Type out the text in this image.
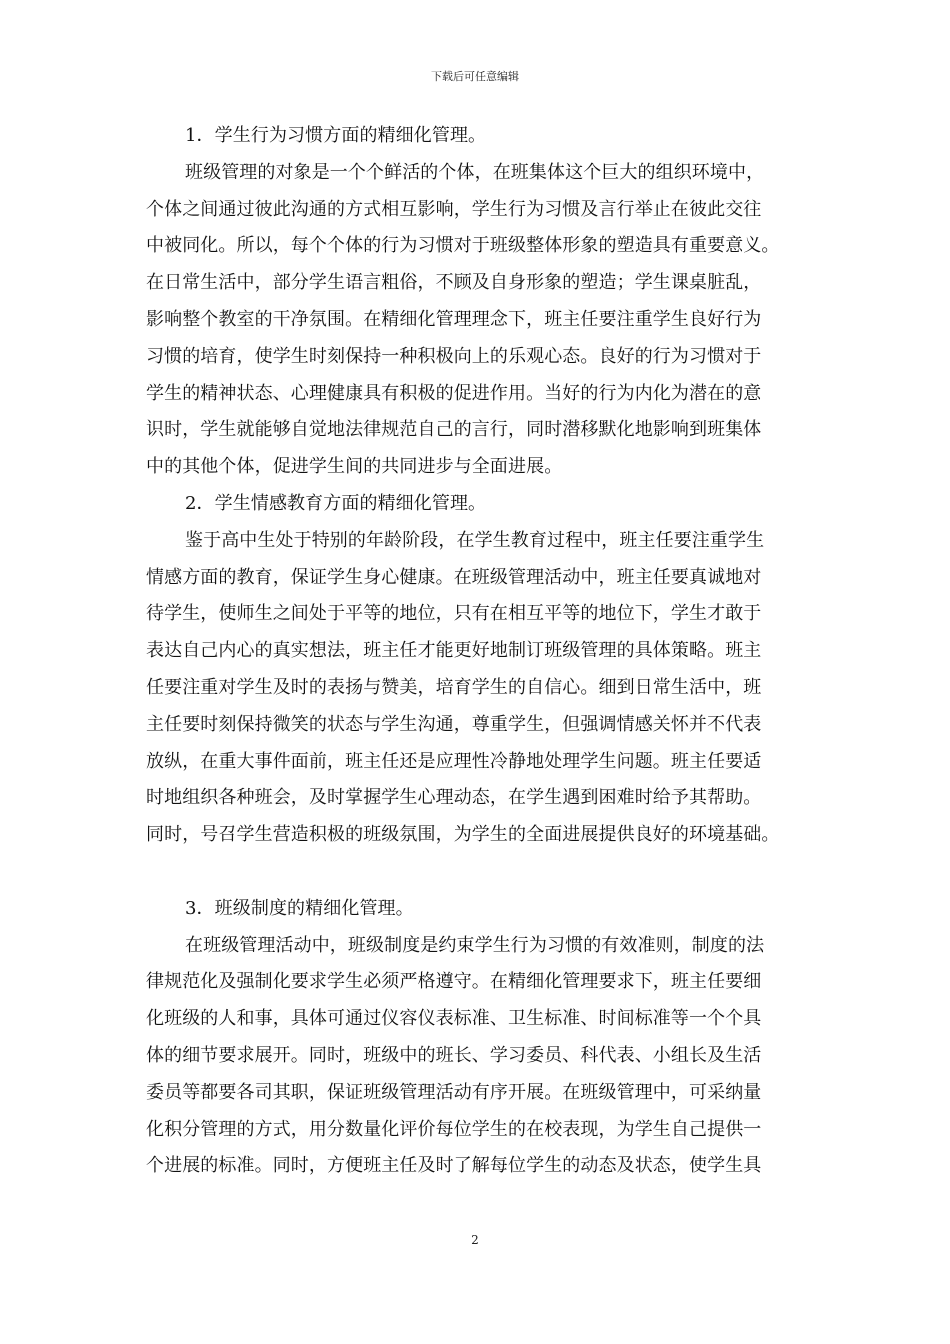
下载后可任意编辑
1．学生行为习惯方面的精细化管理。
班级管理的对象是一个个鲜活的个体，在班集体这个巨大的组织环境中，
个体之间通过彼此沟通的方式相互影响，学生行为习惯及言行举止在彼此交往
中被同化。所以，每个个体的行为习惯对于班级整体形象的塑造具有重要意义。
在日常生活中，部分学生语言粗俗，不顾及自身形象的塑造；学生课桌脏乱，
影响整个教室的干净氛围。在精细化管理理念下，班主任要注重学生良好行为
习惯的培育，使学生时刻保持一种积极向上的乐观心态。良好的行为习惯对于
学生的精神状态、心理健康具有积极的促进作用。当好的行为内化为潜在的意
识时，学生就能够自觉地法律规范自己的言行，同时潜移默化地影响到班集体
中的其他个体，促进学生间的共同进步与全面进展。
2．学生情感教育方面的精细化管理。
鉴于高中生处于特别的年龄阶段，在学生教育过程中，班主任要注重学生
情感方面的教育，保证学生身心健康。在班级管理活动中，班主任要真诚地对
待学生，使师生之间处于平等的地位，只有在相互平等的地位下，学生才敢于
表达自己内心的真实想法，班主任才能更好地制订班级管理的具体策略。班主
任要注重对学生及时的表扬与赞美，培育学生的自信心。细到日常生活中，班
主任要时刻保持微笑的状态与学生沟通，尊重学生，但强调情感关怀并不代表
放纵，在重大事件面前，班主任还是应理性冷静地处理学生问题。班主任要适
时地组织各种班会，及时掌握学生心理动态，在学生遇到困难时给予其帮助。
同时，号召学生营造积极的班级氛围，为学生的全面进展提供良好的环境基础。
3．班级制度的精细化管理。
在班级管理活动中，班级制度是约束学生行为习惯的有效准则，制度的法
律规范化及强制化要求学生必须严格遵守。在精细化管理要求下，班主任要细
化班级的人和事，具体可通过仪容仪表标准、卫生标准、时间标准等一个个具
体的细节要求展开。同时，班级中的班长、学习委员、科代表、小组长及生活
委员等都要各司其职，保证班级管理活动有序开展。在班级管理中，可采纳量
化积分管理的方式，用分数量化评价每位学生的在校表现，为学生自己提供一
个进展的标准。同时，方便班主任及时了解每位学生的动态及状态，使学生具
2
